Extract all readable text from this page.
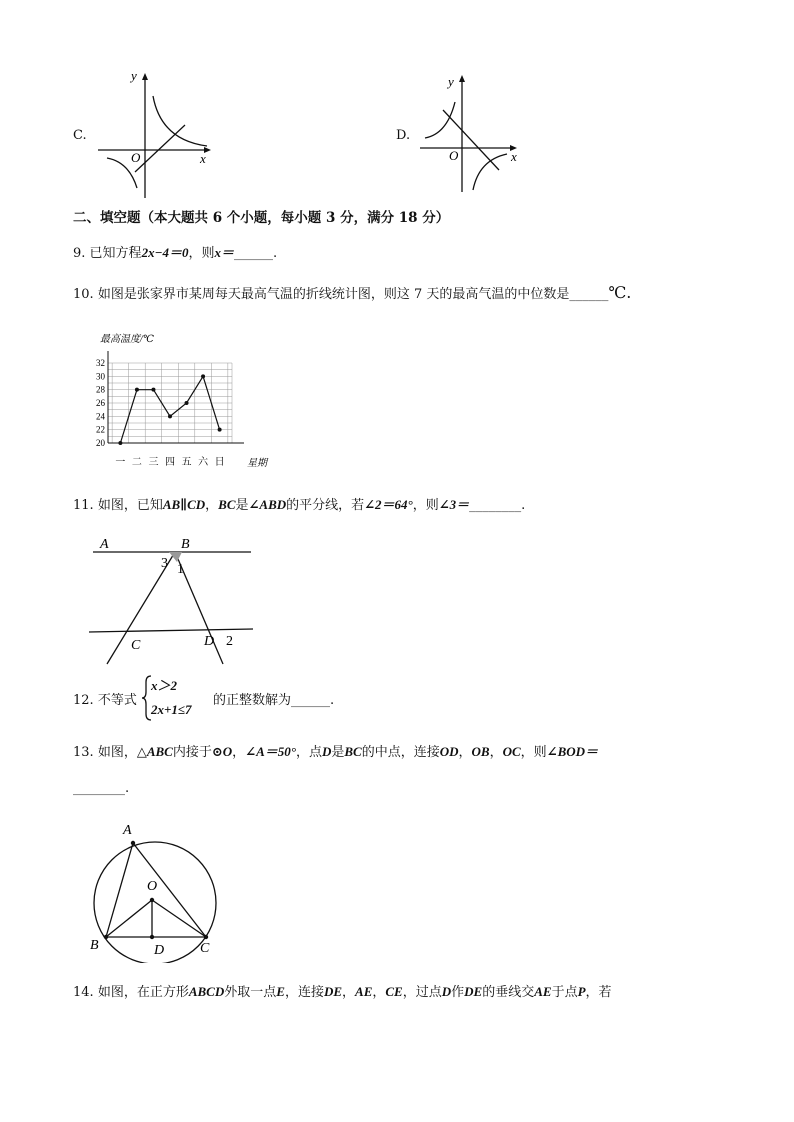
C.
y
x
O
D.
y
x
O
二、填空题（本大题共 6 个小题，每小题 3 分，满分 18 分）
9. 已知方程2x−4＝0，则x＝______.
10. 如图是张家界市某周每天最高气温的折线统计图，则这 7 天的最高气温的中位数是______℃.
最高温度/℃
20
22
24
26
28
30
32
一 二 三 四 五 六 日 星期
11. 如图，已知AB∥CD，BC是∠ABD的平分线，若∠2＝64°，则∠3＝________.
A	B
3 1
C	D 2
12. 不等式
x＞2
2x+1≤7
的正整数解为______.
13. 如图，△ABC内接于⊙O，∠A＝50°，点D是BC的中点，连接OD，OB，OC，则∠BOD＝
________.
A
O
B	D	C
14. 如图，在正方形ABCD外取一点E，连接DE，AE，CE，过点D作DE的垂线交AE于点P，若
